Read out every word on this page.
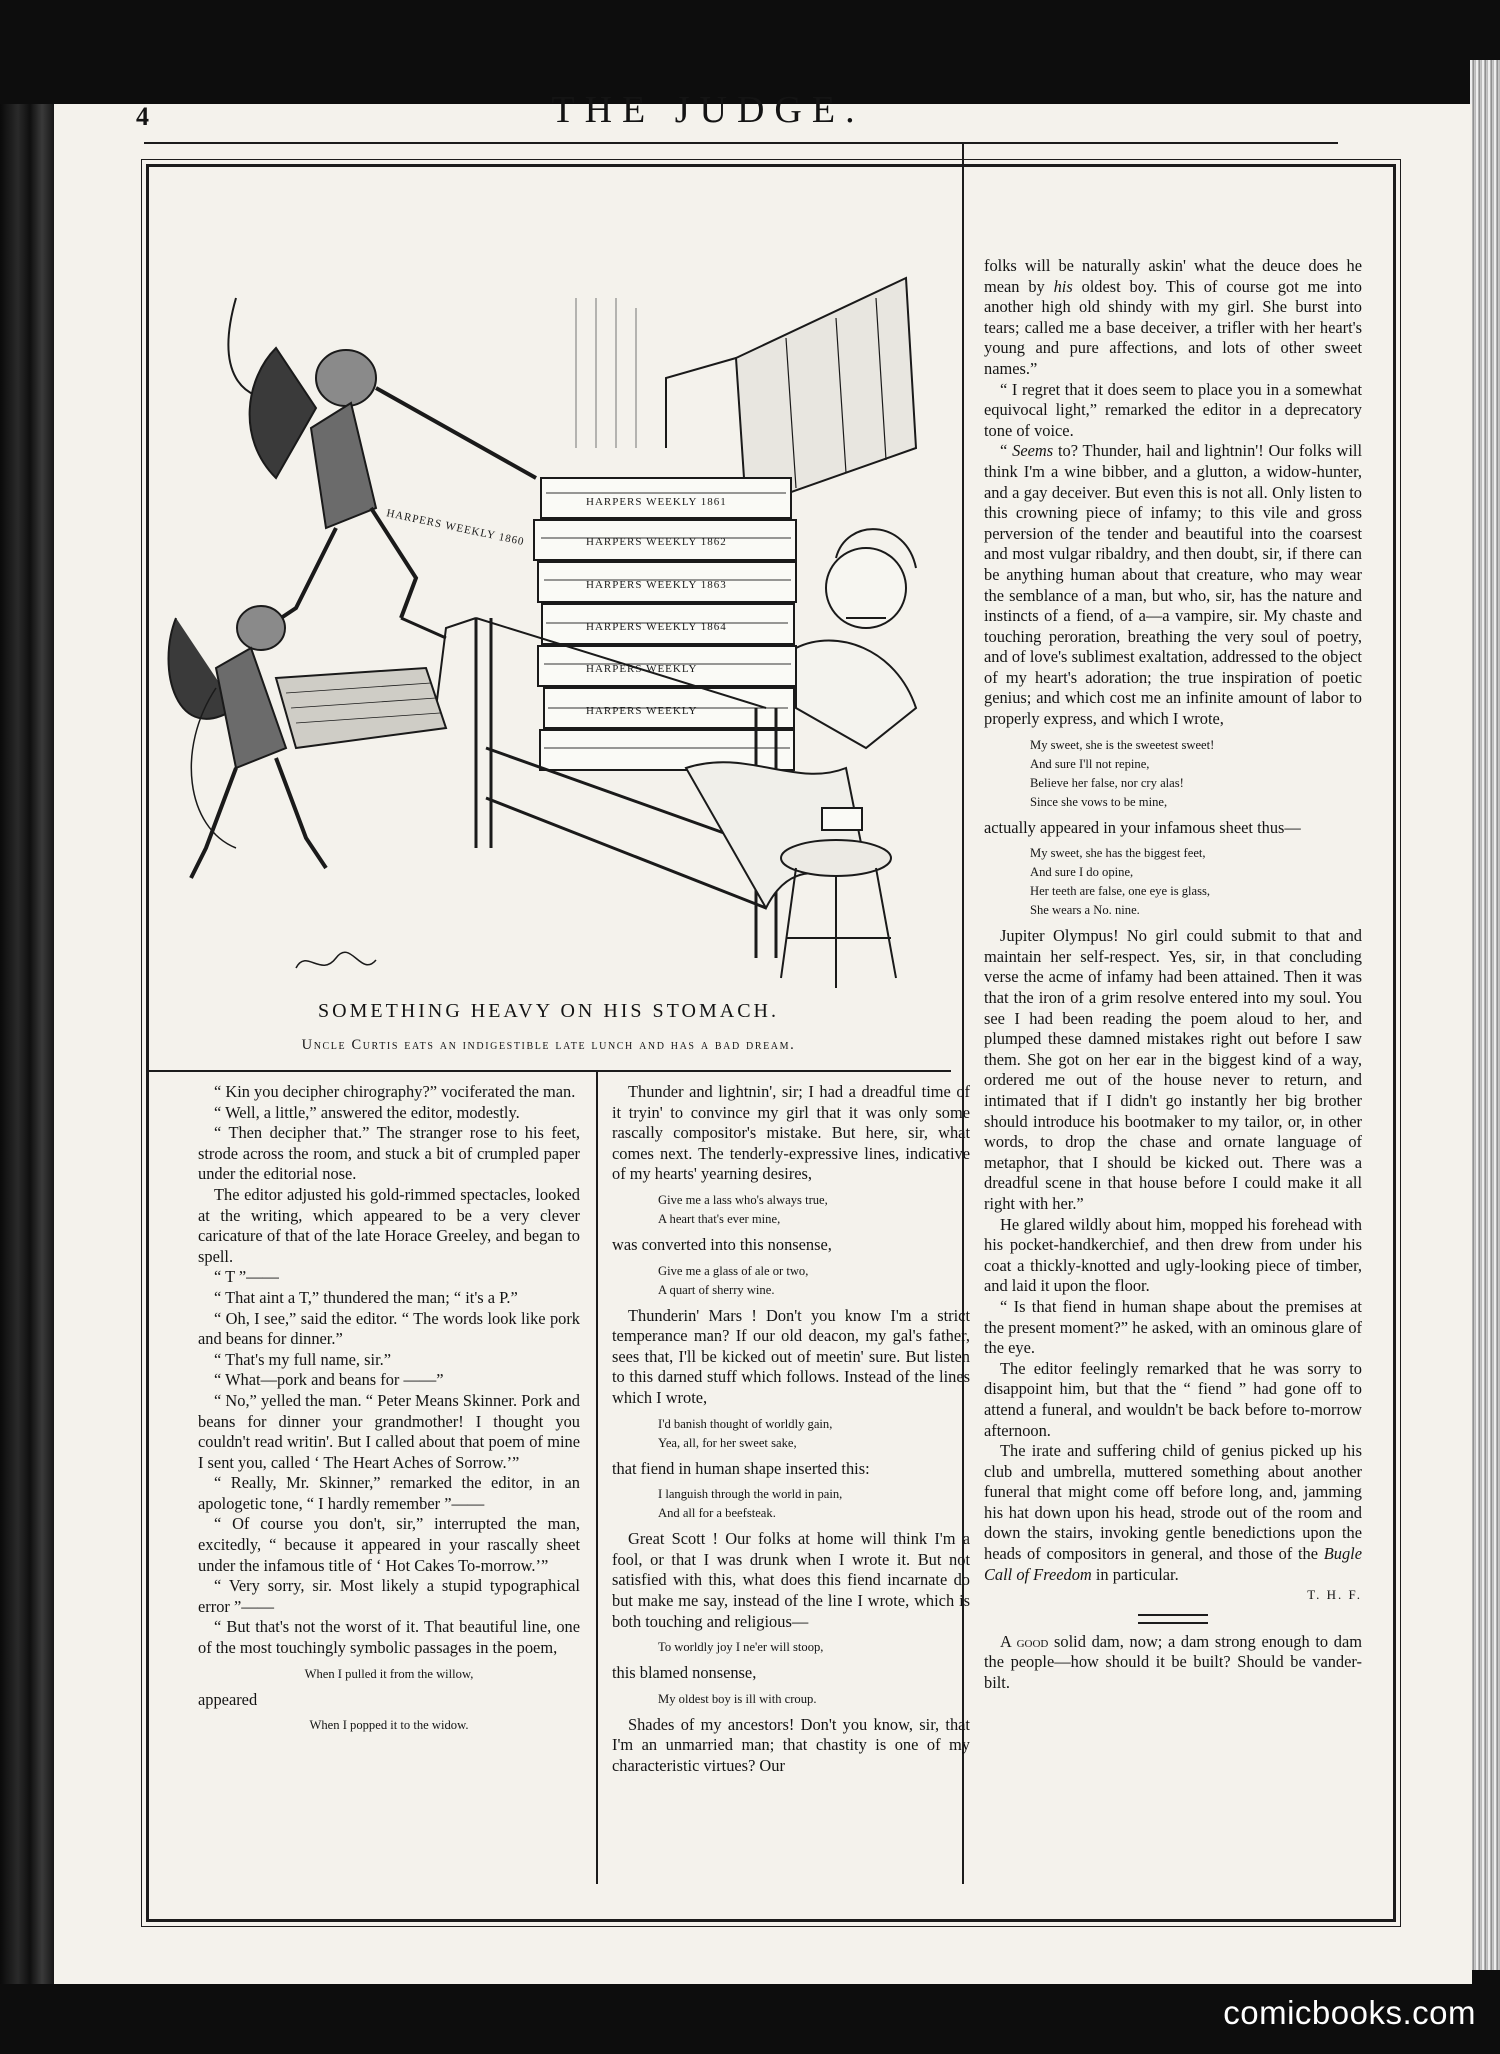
4	THE JUDGE.
HARPERS WEEKLY 1860
HARPERS WEEKLY 1861
HARPERS WEEKLY 1862
HARPERS WEEKLY 1863
HARPERS WEEKLY 1864
HARPERS WEEKLY
HARPERS WEEKLY
SOMETHING HEAVY ON HIS STOMACH.
Uncle Curtis eats an indigestible late lunch and has a bad dream.

“ Kin you decipher chirography?” vociferated the man.

“ Well, a little,” answered the editor, modestly.

“ Then decipher that.” The stranger rose to his feet, strode across the room, and stuck a bit of crumpled paper under the editorial nose.

The editor adjusted his gold-rimmed spectacles, looked at the writing, which appeared to be a very clever caricature of that of the late Horace Greeley, and began to spell.

“ T ”——

“ That aint a T,” thundered the man; “ it's a P.”

“ Oh, I see,” said the editor. “ The words look like pork and beans for dinner.”

“ That's my full name, sir.”

“ What—pork and beans for ——”

“ No,” yelled the man. “ Peter Means Skinner. Pork and beans for dinner your grandmother! I thought you couldn't read writin'. But I called about that poem of mine I sent you, called ‘ The Heart Aches of Sorrow.’”

“ Really, Mr. Skinner,” remarked the editor, in an apologetic tone, “ I hardly remember ”——

“ Of course you don't, sir,” interrupted the man, excitedly, “ because it appeared in your rascally sheet under the infamous title of ‘ Hot Cakes To-morrow.’”

“ Very sorry, sir. Most likely a stupid typographical error ”——

“ But that's not the worst of it. That beautiful line, one of the most touchingly symbolic passages in the poem,

When I pulled it from the willow,

appeared

When I popped it to the widow.

Thunder and lightnin', sir; I had a dreadful time of it tryin' to convince my girl that it was only some rascally compositor's mistake. But here, sir, what comes next. The tenderly-expressive lines, indicative of my hearts' yearning desires,

Give me a lass who's always true,
A heart that's ever mine,

was converted into this nonsense,

Give me a glass of ale or two,
A quart of sherry wine.

Thunderin' Mars ! Don't you know I'm a strict temperance man? If our old deacon, my gal's father, sees that, I'll be kicked out of meetin' sure. But listen to this darned stuff which follows. Instead of the lines which I wrote,

I'd banish thought of worldly gain,
Yea, all, for her sweet sake,

that fiend in human shape inserted this:

I languish through the world in pain,
And all for a beefsteak.

Great Scott ! Our folks at home will think I'm a fool, or that I was drunk when I wrote it. But not satisfied with this, what does this fiend incarnate do but make me say, instead of the line I wrote, which is both touching and religious—

To worldly joy I ne'er will stoop,

this blamed nonsense,

My oldest boy is ill with croup.

Shades of my ancestors! Don't you know, sir, that I'm an unmarried man; that chastity is one of my characteristic virtues? Our

folks will be naturally askin' what the deuce does he mean by his oldest boy. This of course got me into another high old shindy with my girl. She burst into tears; called me a base deceiver, a trifler with her heart's young and pure affections, and lots of other sweet names.”

“ I regret that it does seem to place you in a somewhat equivocal light,” remarked the editor in a deprecatory tone of voice.

“ Seems to? Thunder, hail and lightnin'! Our folks will think I'm a wine bibber, and a glutton, a widow-hunter, and a gay deceiver. But even this is not all. Only listen to this crowning piece of infamy; to this vile and gross perversion of the tender and beautiful into the coarsest and most vulgar ribaldry, and then doubt, sir, if there can be anything human about that creature, who may wear the semblance of a man, but who, sir, has the nature and instincts of a fiend, of a—a vampire, sir. My chaste and touching peroration, breathing the very soul of poetry, and of love's sublimest exaltation, addressed to the object of my heart's adoration; the true inspiration of poetic genius; and which cost me an infinite amount of labor to properly express, and which I wrote,

My sweet, she is the sweetest sweet!
And sure I'll not repine,
Believe her false, nor cry alas!
Since she vows to be mine,

actually appeared in your infamous sheet thus—

My sweet, she has the biggest feet,
And sure I do opine,
Her teeth are false, one eye is glass,
She wears a No. nine.

Jupiter Olympus! No girl could submit to that and maintain her self-respect. Yes, sir, in that concluding verse the acme of infamy had been attained. Then it was that the iron of a grim resolve entered into my soul. You see I had been reading the poem aloud to her, and plumped these damned mistakes right out before I saw them. She got on her ear in the biggest kind of a way, ordered me out of the house never to return, and intimated that if I didn't go instantly her big brother should introduce his bootmaker to my tailor, or, in other words, to drop the chase and ornate language of metaphor, that I should be kicked out. There was a dreadful scene in that house before I could make it all right with her.”

He glared wildly about him, mopped his forehead with his pocket-handkerchief, and then drew from under his coat a thickly-knotted and ugly-looking piece of timber, and laid it upon the floor.

“ Is that fiend in human shape about the premises at the present moment?” he asked, with an ominous glare of the eye.

The editor feelingly remarked that he was sorry to disappoint him, but that the “ fiend ” had gone off to attend a funeral, and wouldn't be back before to-morrow afternoon.

The irate and suffering child of genius picked up his club and umbrella, muttered something about another funeral that might come off before long, and, jamming his hat down upon his head, strode out of the room and down the stairs, invoking gentle benedictions upon the heads of compositors in general, and those of the Bugle Call of Freedom in particular.

T. H. F.

A good solid dam, now; a dam strong enough to dam the people—how should it be built? Should be vander-bilt.

comicbooks.com
